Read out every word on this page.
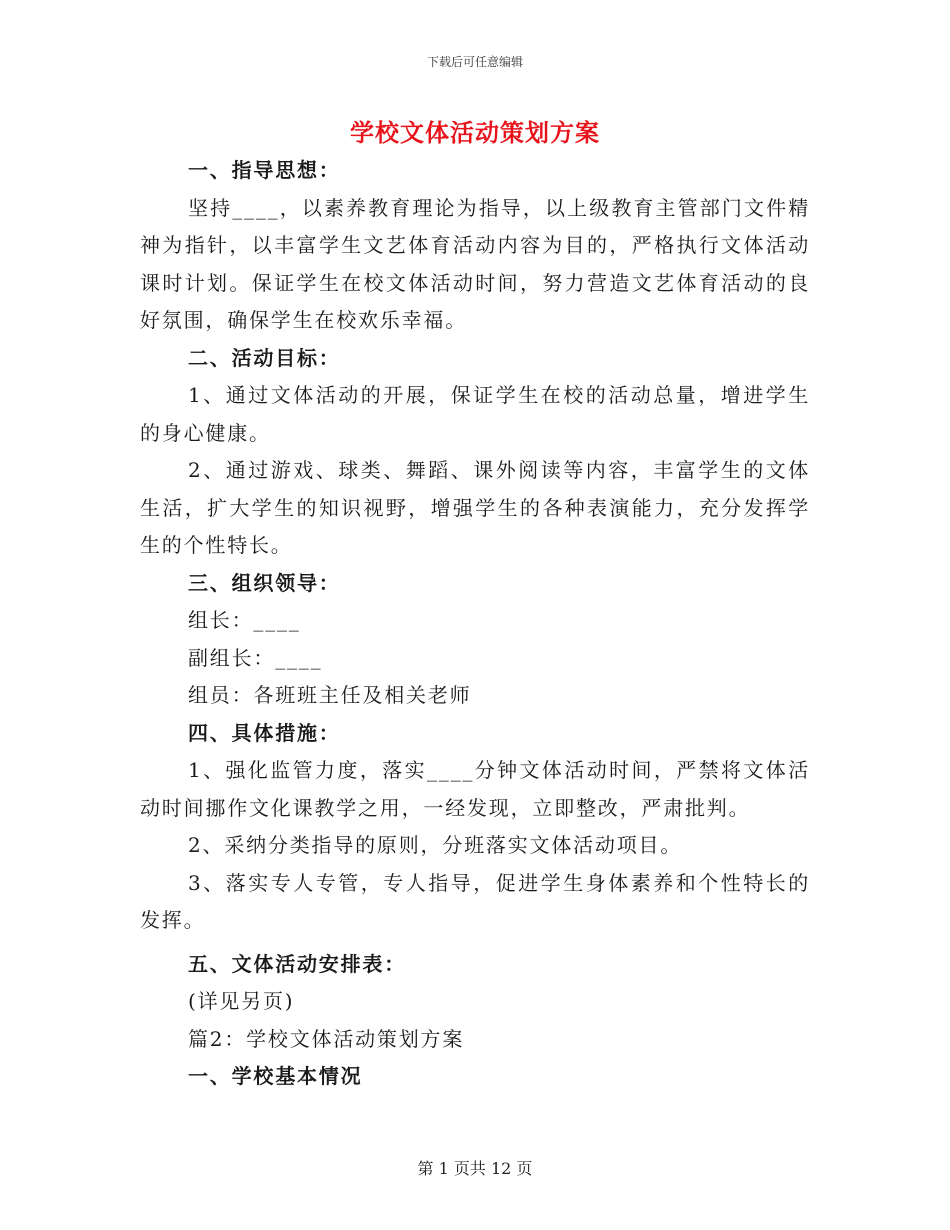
下载后可任意编辑
学校文体活动策划方案

一、指导思想：

坚持____，以素养教育理论为指导，以上级教育主管部门文件精神为指针，以丰富学生文艺体育活动内容为目的，严格执行文体活动课时计划。保证学生在校文体活动时间，努力营造文艺体育活动的良好氛围，确保学生在校欢乐幸福。

二、活动目标：

1、通过文体活动的开展，保证学生在校的活动总量，增进学生的身心健康。

2、通过游戏、球类、舞蹈、课外阅读等内容，丰富学生的文体生活，扩大学生的知识视野，增强学生的各种表演能力，充分发挥学生的个性特长。

三、组织领导：

组长：____

副组长：____

组员：各班班主任及相关老师

四、具体措施：

1、强化监管力度，落实____分钟文体活动时间，严禁将文体活动时间挪作文化课教学之用，一经发现，立即整改，严肃批判。

2、采纳分类指导的原则，分班落实文体活动项目。

3、落实专人专管，专人指导，促进学生身体素养和个性特长的发挥。

五、文体活动安排表：

(详见另页)

篇2：学校文体活动策划方案

一、学校基本情况

第 1 页共 12 页
